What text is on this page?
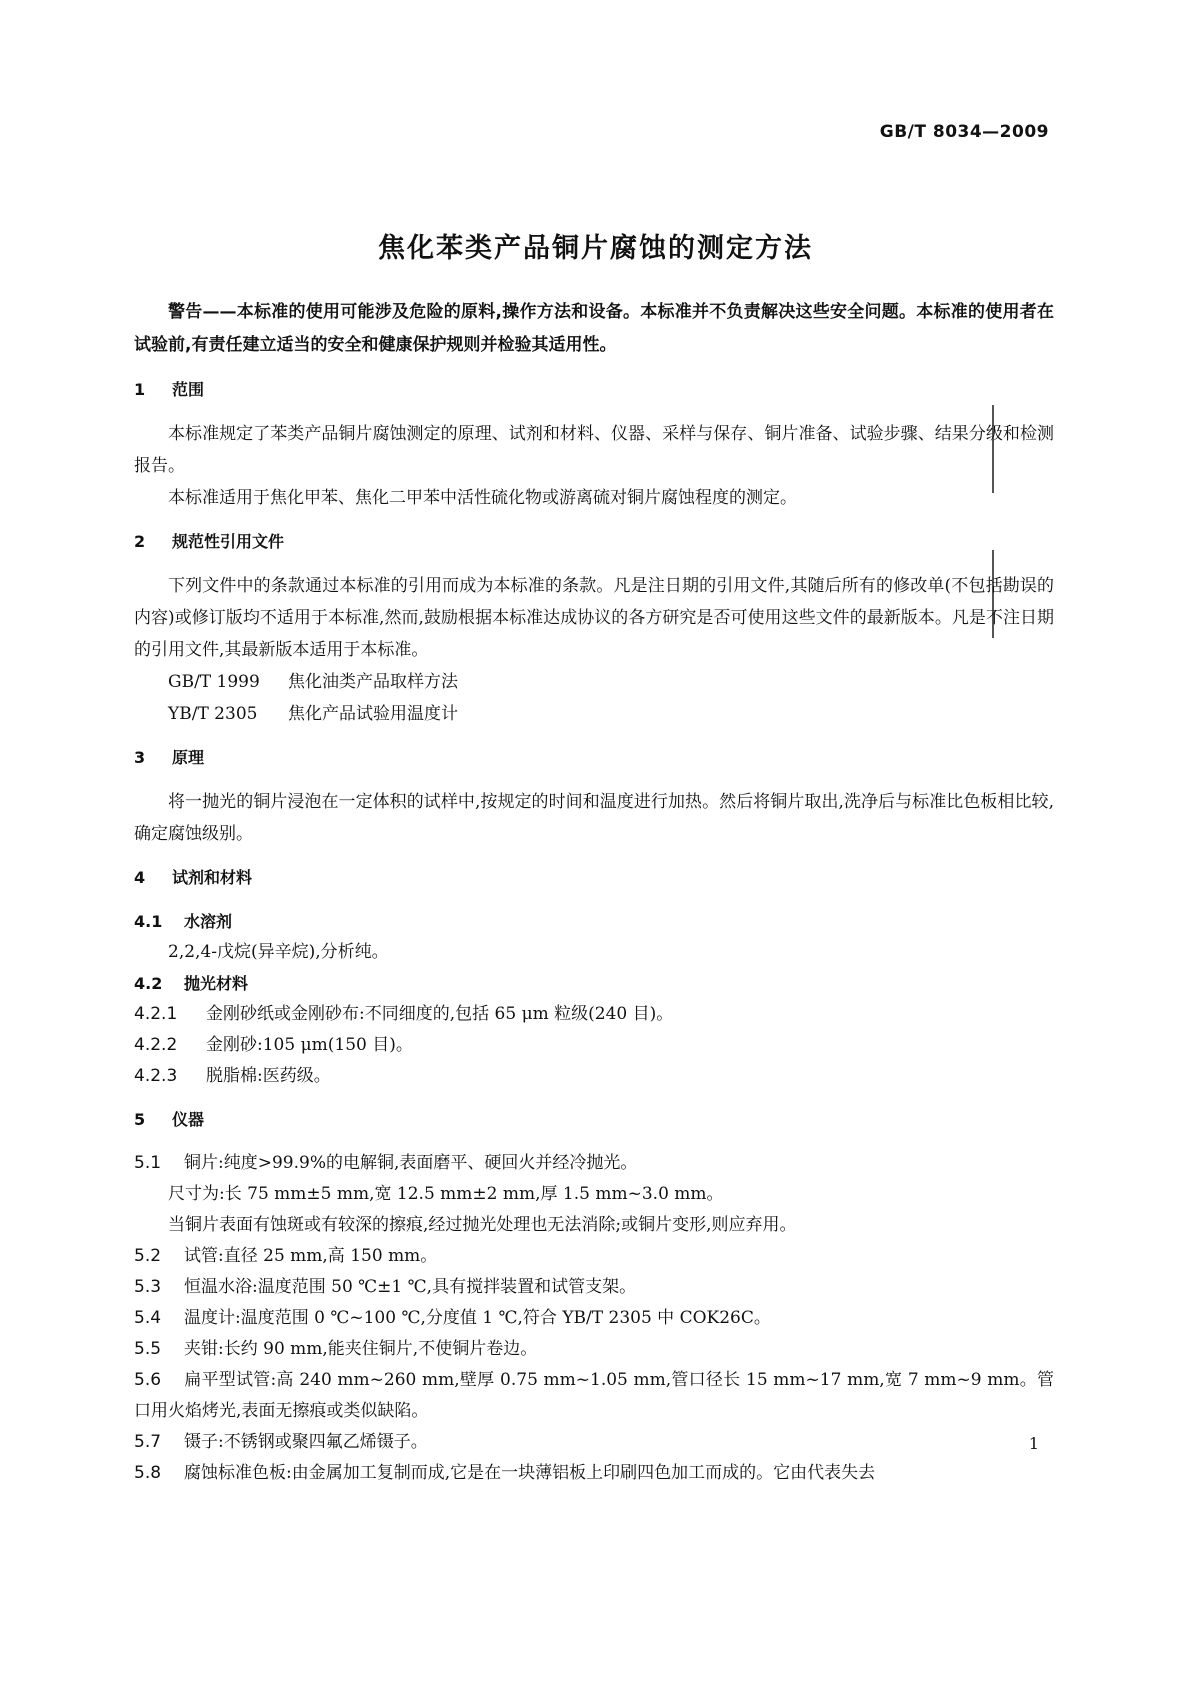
GB/T 8034—2009
焦化苯类产品铜片腐蚀的测定方法

警告——本标准的使用可能涉及危险的原料,操作方法和设备。本标准并不负责解决这些安全问题。本标准的使用者在试验前,有责任建立适当的安全和健康保护规则并检验其适用性。

1 范围

本标准规定了苯类产品铜片腐蚀测定的原理、试剂和材料、仪器、采样与保存、铜片准备、试验步骤、结果分级和检测报告。

本标准适用于焦化甲苯、焦化二甲苯中活性硫化物或游离硫对铜片腐蚀程度的测定。

2 规范性引用文件

下列文件中的条款通过本标准的引用而成为本标准的条款。凡是注日期的引用文件,其随后所有的修改单(不包括勘误的内容)或修订版均不适用于本标准,然而,鼓励根据本标准达成协议的各方研究是否可使用这些文件的最新版本。凡是不注日期的引用文件,其最新版本适用于本标准。

GB/T 1999 焦化油类产品取样方法

YB/T 2305 焦化产品试验用温度计

3 原理

将一抛光的铜片浸泡在一定体积的试样中,按规定的时间和温度进行加热。然后将铜片取出,洗净后与标准比色板相比较,确定腐蚀级别。

4 试剂和材料

4.1 水溶剂

2,2,4-戊烷(异辛烷),分析纯。

4.2 抛光材料

4.2.1 金刚砂纸或金刚砂布:不同细度的,包括 65 μm 粒级(240 目)。

4.2.2 金刚砂:105 μm(150 目)。

4.2.3 脱脂棉:医药级。

5 仪器

5.1 铜片:纯度>99.9%的电解铜,表面磨平、硬回火并经冷抛光。

尺寸为:长 75 mm±5 mm,宽 12.5 mm±2 mm,厚 1.5 mm~3.0 mm。

当铜片表面有蚀斑或有较深的擦痕,经过抛光处理也无法消除;或铜片变形,则应弃用。

5.2 试管:直径 25 mm,高 150 mm。

5.3 恒温水浴:温度范围 50 ℃±1 ℃,具有搅拌装置和试管支架。

5.4 温度计:温度范围 0 ℃~100 ℃,分度值 1 ℃,符合 YB/T 2305 中 COK26C。

5.5 夹钳:长约 90 mm,能夹住铜片,不使铜片卷边。

5.6 扁平型试管:高 240 mm~260 mm,壁厚 0.75 mm~1.05 mm,管口径长 15 mm~17 mm,宽 7 mm~9 mm。管口用火焰烤光,表面无擦痕或类似缺陷。

5.7 镊子:不锈钢或聚四氟乙烯镊子。

5.8 腐蚀标准色板:由金属加工复制而成,它是在一块薄铝板上印刷四色加工而成的。它由代表失去

1
